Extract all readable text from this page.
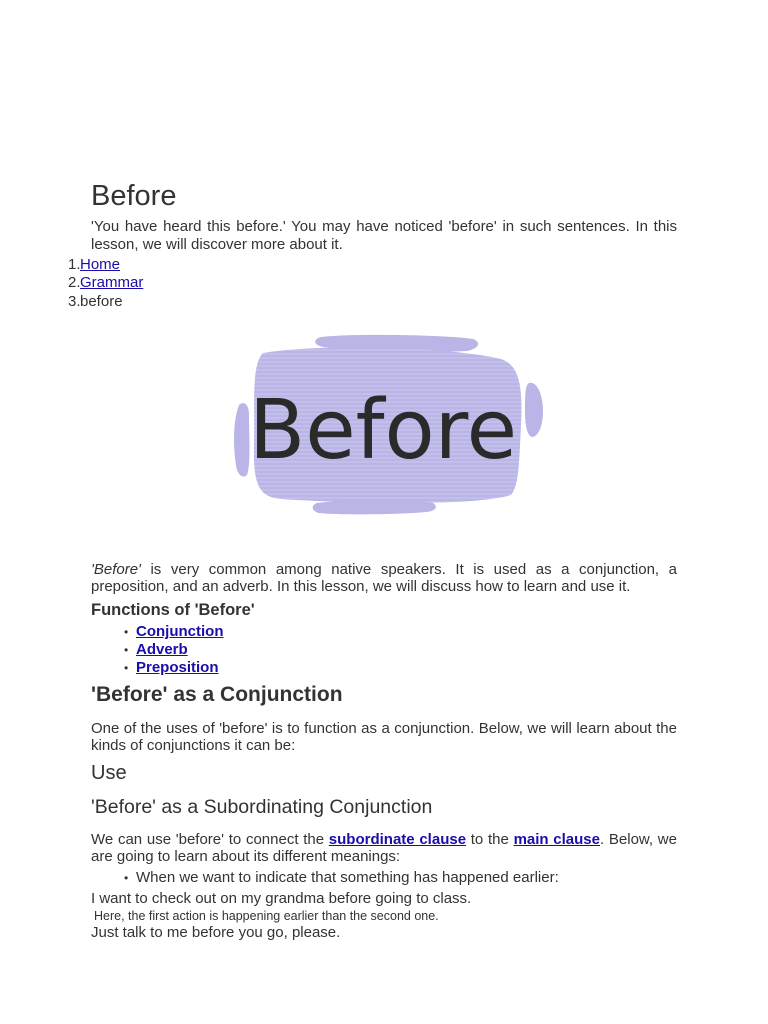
Before

'You have heard this before.' You may have noticed 'before' in such sentences. In this lesson, we will discover more about it.

1. Home
2. Grammar
3. before
Before

'Before' is very common among native speakers. It is used as a conjunction, a preposition, and an adverb. In this lesson, we will discuss how to learn and use it.

Functions of 'Before'
• Conjunction
• Adverb
• Preposition
'Before' as a Conjunction

One of the uses of 'before' is to function as a conjunction. Below, we will learn about the kinds of conjunctions it can be:

Use
'Before' as a Subordinating Conjunction

We can use 'before' to connect the subordinate clause to the main clause. Below, we are going to learn about its different meanings:

• When we want to indicate that something has happened earlier:
I want to check out on my grandma before going to class.
Here, the first action is happening earlier than the second one.
Just talk to me before you go, please.
